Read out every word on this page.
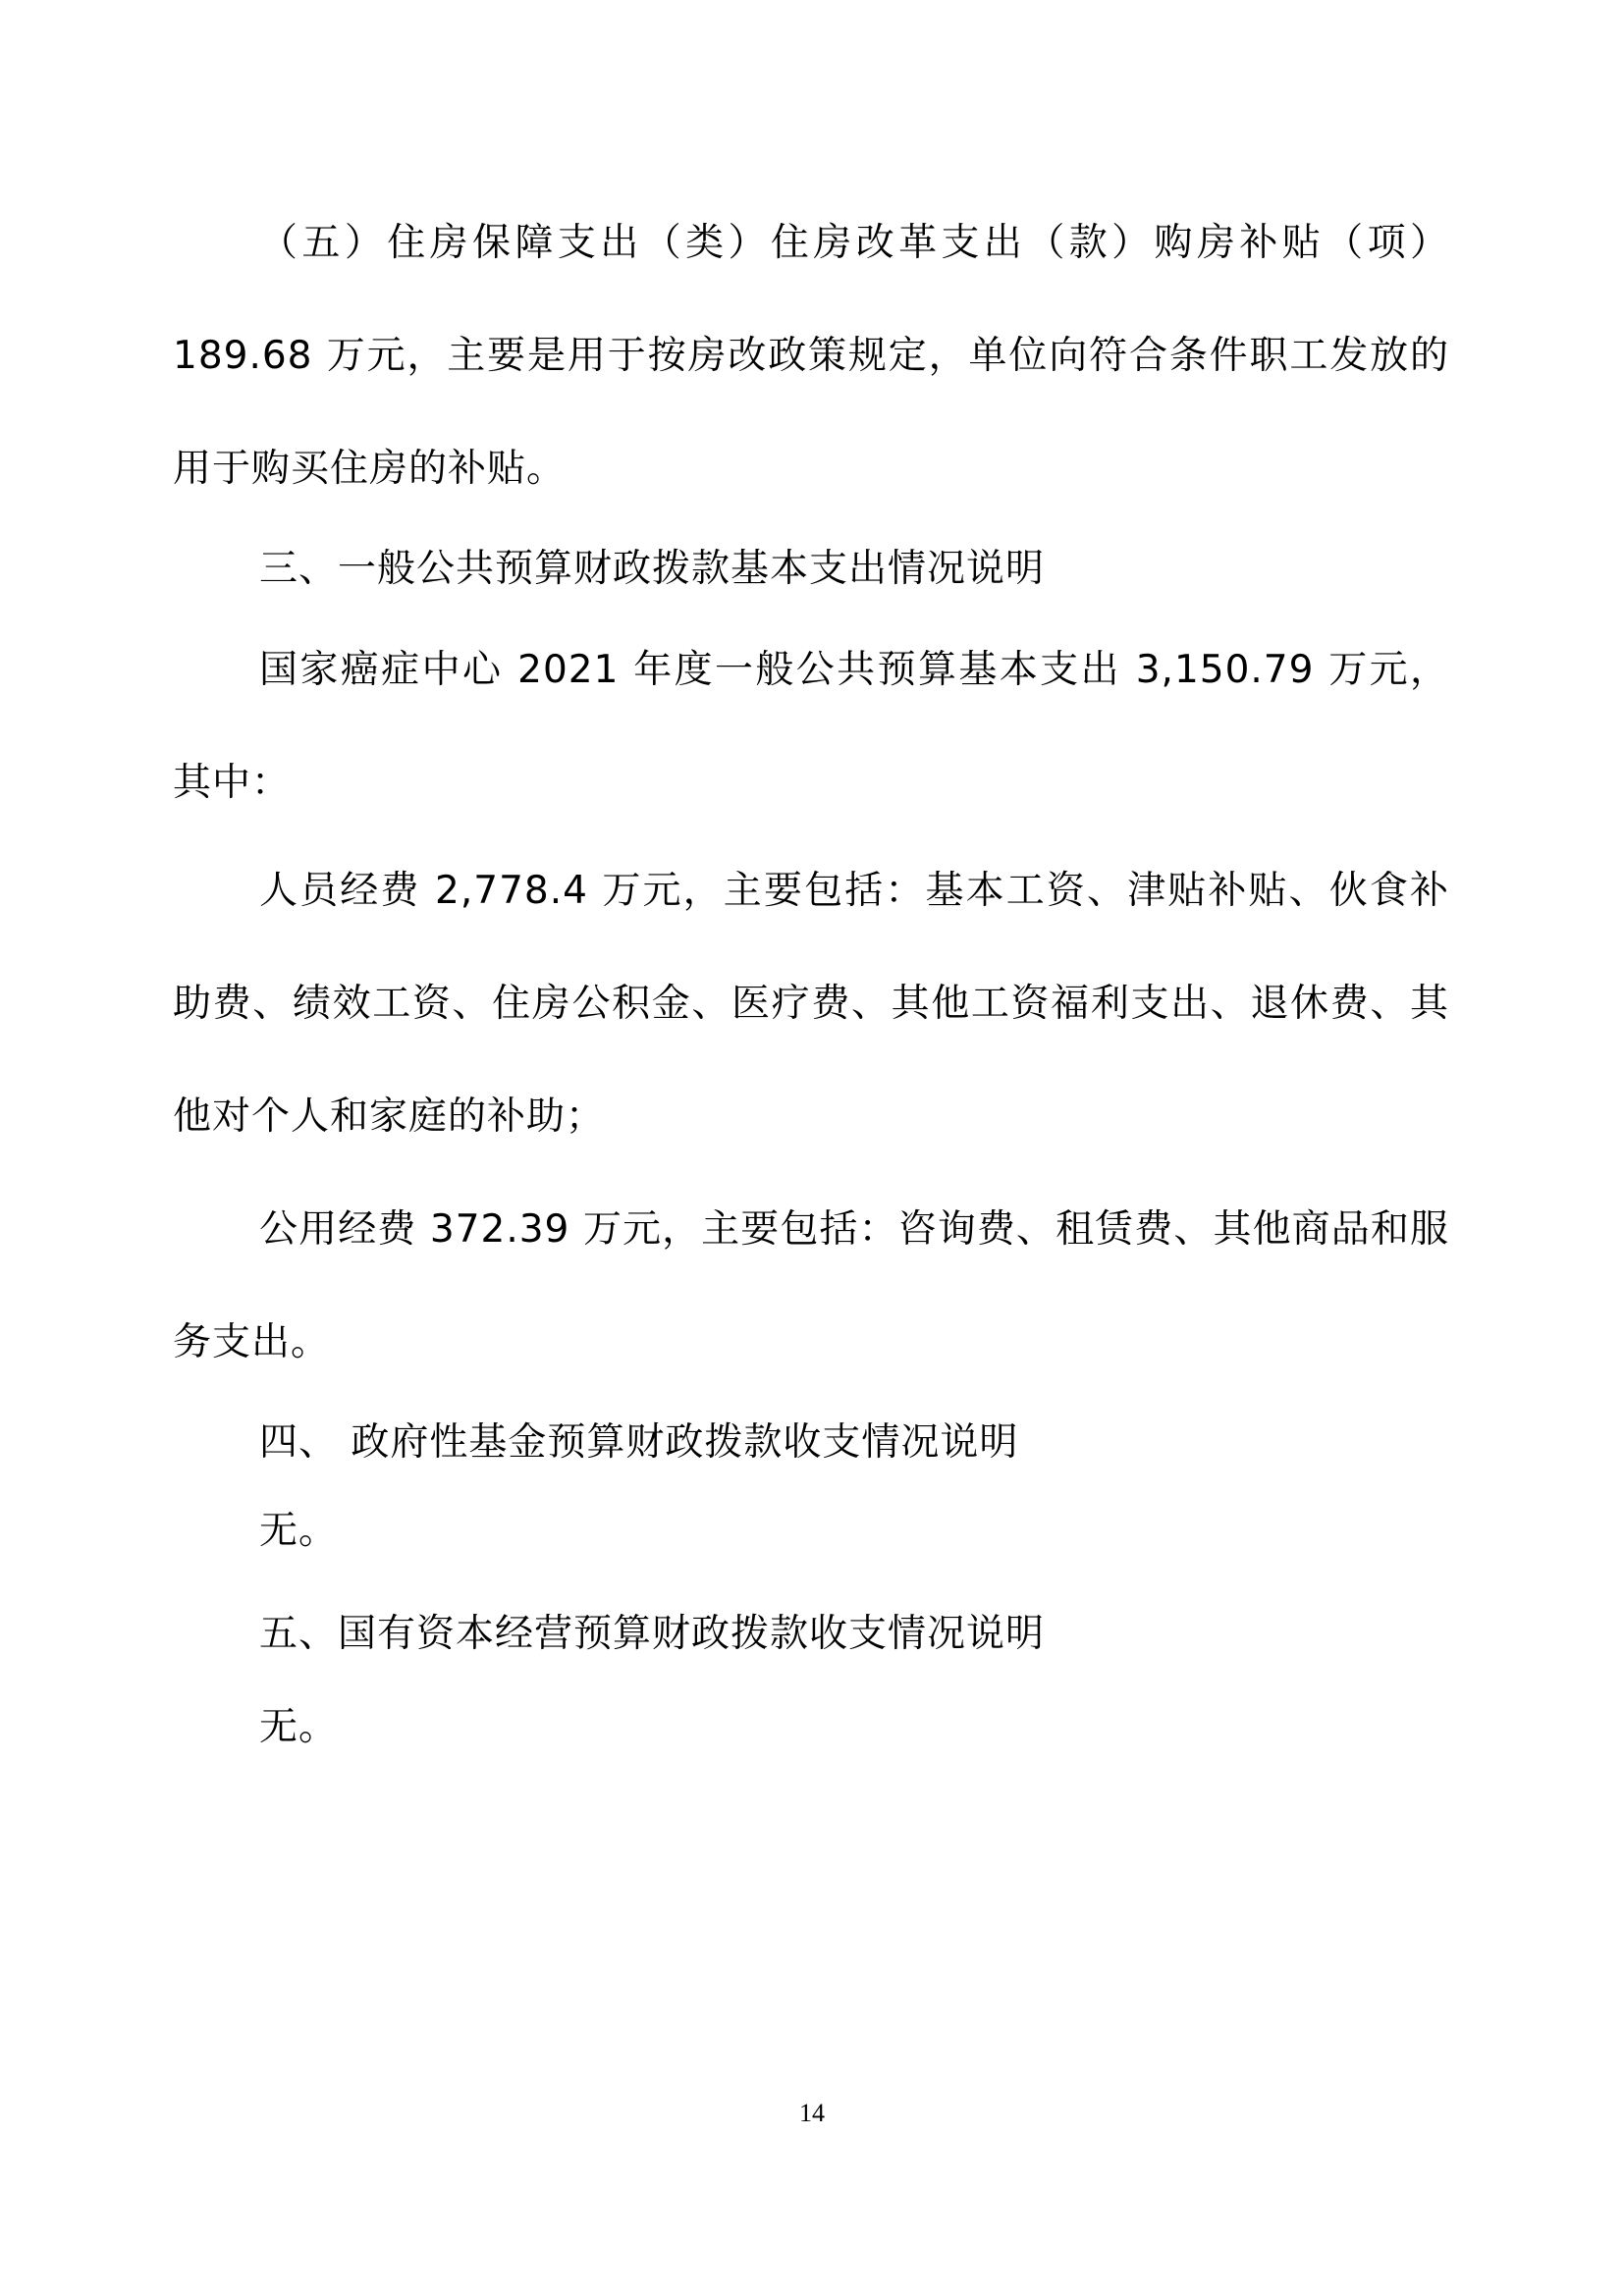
（五）住房保障支出（类）住房改革支出（款）购房补贴（项）189.68 万元，主要是用于按房改政策规定，单位向符合条件职工发放的用于购买住房的补贴。

三、一般公共预算财政拨款基本支出情况说明

国家癌症中心 2021 年度一般公共预算基本支出 3,150.79 万元，其中：

人员经费 2,778.4 万元，主要包括：基本工资、津贴补贴、伙食补助费、绩效工资、住房公积金、医疗费、其他工资福利支出、退休费、其他对个人和家庭的补助；

公用经费 372.39 万元，主要包括：咨询费、租赁费、其他商品和服务支出。

四、 政府性基金预算财政拨款收支情况说明

无。

五、国有资本经营预算财政拨款收支情况说明

无。

14
